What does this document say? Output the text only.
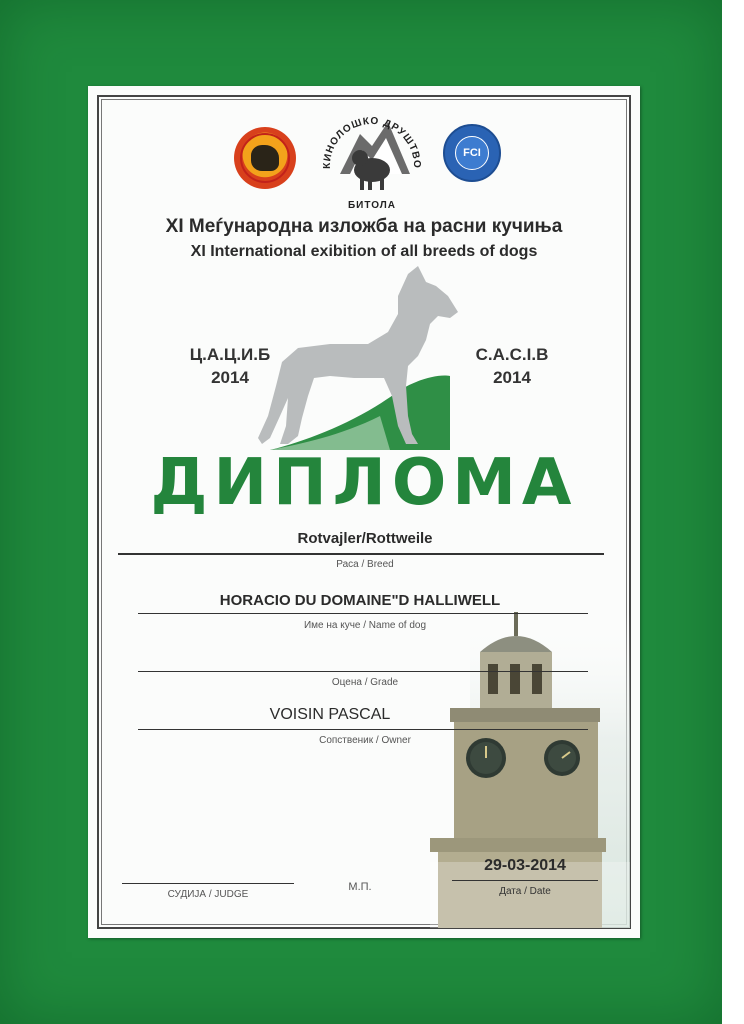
КИНОЛОШКО ДРУШТВО
БИТОЛА
FCI
XI Меѓународна изложба на расни кучиња
XI International exibition of all breeds of dogs
Ц.А.Ц.И.Б
2014
C.A.C.I.B
2014
ДИПЛОМА
Rotvajler/Rottweile
Раса / Breed
HORACIO DU DOMAINE"D HALLIWELL
Име на куче / Name of dog
Оцена / Grade
VOISIN PASCAL
Сопственик / Owner
СУДИЈА / JUDGE
М.П.
29-03-2014
Дата / Date
